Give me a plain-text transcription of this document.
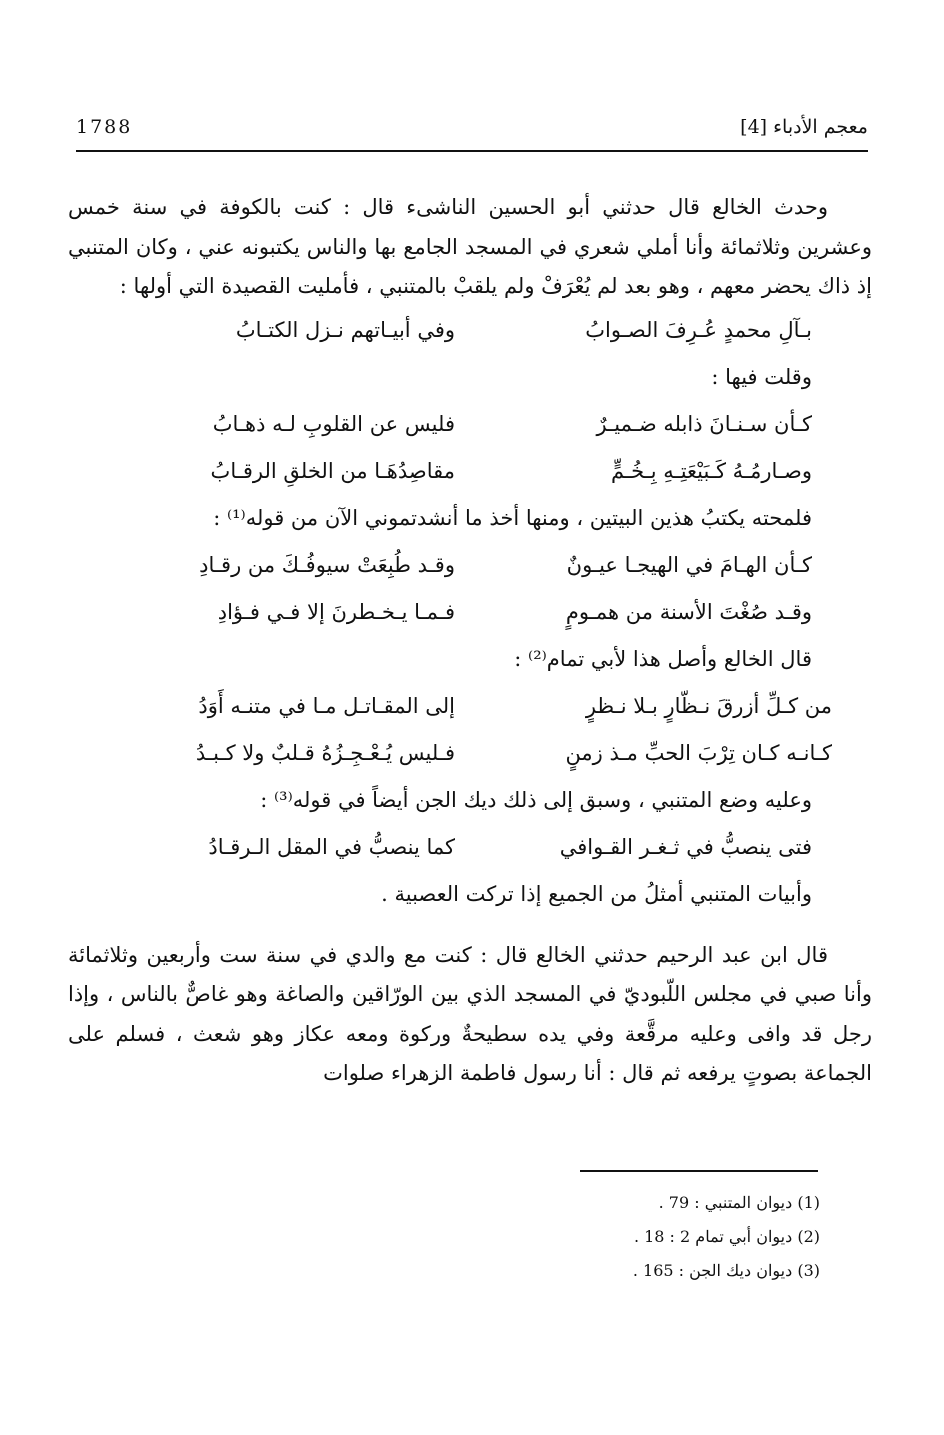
1788	معجم الأدباء [4]

وحدث الخالع قال حدثني أبو الحسين الناشىء قال : كنت بالكوفة في سنة خمس وعشرين وثلاثمائة وأنا أملي شعري في المسجد الجامع بها والناس يكتبونه عني ، وكان المتنبي إذ ذاك يحضر معهم ، وهو بعد لم يُعْرَفْ ولم يلقبْ بالمتنبي ، فأمليت القصيدة التي أولها :

بـآلِ محمدٍ عُـرِفَ الصـوابُ
وفي أبيـاتهم نـزل الكتـابُ
وقلت فيها :
كـأن سـنـانَ ذابله ضـميـرٌ
فليس عن القلوبِ لـه ذهـابُ
وصـارمُـهُ كَـبَيْعَتِـهِ بِـخُـمٍّ
مقاصِدُهَـا من الخلقِ الرقـابُ
فلمحته يكتبُ هذين البيتين ، ومنها أخذ ما أنشدتموني الآن من قوله⁽¹⁾ :
كـأن الهـامَ في الهيجـا عيـونٌ
وقـد طُبِعَتْ سيوفُـكَ من رقـادِ
وقـد صُغْتَ الأسنة من همـومٍ
فـمـا يـخـطرنَ إلا فـي فـؤادِ
قال الخالع وأصل هذا لأبي تمام⁽²⁾ :
من كـلِّ أزرقَ نـظّارٍ بـلا نـظرٍ
إلى المقـاتـل مـا في متنـه أَوَدُ
كـانـه كـان تِرْبَ الحبِّ مـذ زمنٍ
فـليس يُـعْـجِـزُهُ قـلبٌ ولا كـبـدُ
وعليه وضع المتنبي ، وسبق إلى ذلك ديك الجن أيضاً في قوله⁽³⁾ :
فتى ينصبُّ في ثـغـر القـوافي
كما ينصبُّ في المقل الـرقـادُ
وأبيات المتنبي أمثلُ من الجميع إذا تركت العصبية .

قال ابن عبد الرحيم حدثني الخالع قال : كنت مع والدي في سنة ست وأربعين وثلاثمائة وأنا صبي في مجلس اللّبوديّ في المسجد الذي بين الورّاقين والصاغة وهو غاصٌّ بالناس ، وإذا رجل قد وافى وعليه مرقَّعة وفي يده سطيحةٌ وركوة ومعه عكاز وهو شعث ، فسلم على الجماعة بصوتٍ يرفعه ثم قال : أنا رسول فاطمة الزهراء صلوات

(1) ديوان المتنبي : 79 .
(2) ديوان أبي تمام 2 : 18 .
(3) ديوان ديك الجن : 165 .
